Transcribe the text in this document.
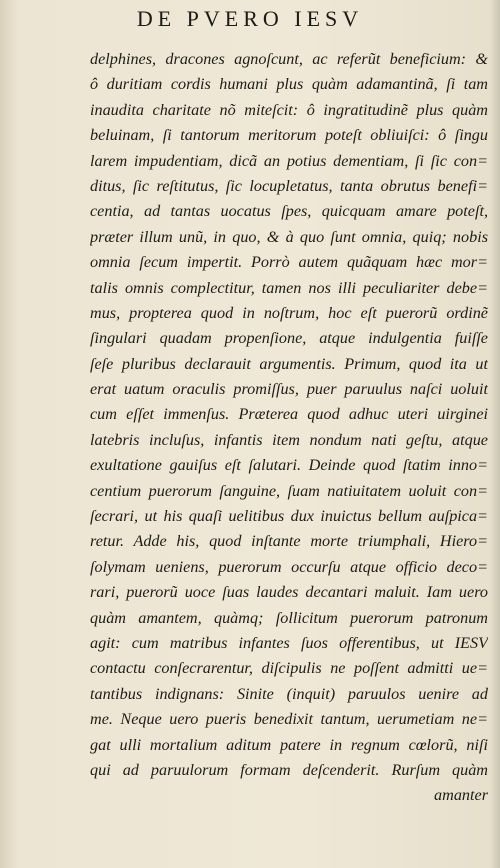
DE PVERO IESV
delphines, dracones agnoſcunt, ac referũt beneficium: &
ô duritiam cordis humani plus quàm adamantinã, ſi tam
inaudita charitate nõ miteſcit: ô ingratitudinẽ plus quàm
beluinam, ſi tantorum meritorum poteſt obliuiſci: ô ſingu
larem impudentiam, dicã an potius dementiam, ſi ſic con=
ditus, ſic reſtitutus, ſic locupletatus, tanta obrutus benefi=
centia, ad tantas uocatus ſpes, quicquam amare poteſt,
præter illum unũ, in quo, & à quo ſunt omnia, quiq; nobis
omnia ſecum impertit. Porrò autem quãquam hæc mor=
talis omnis complectitur, tamen nos illi peculiariter debe=
mus, propterea quod in noſtrum, hoc eſt puerorũ ordinẽ
ſingulari quadam propenſione, atque indulgentia fuiſſe
ſeſe pluribus declarauit argumentis. Primum, quod ita ut
erat uatum oraculis promiſſus, puer paruulus naſci uoluit
cum eſſet immenſus. Præterea quod adhuc uteri uirginei
latebris incluſus, infantis item nondum nati geſtu, atque
exultatione gauiſus eſt ſalutari. Deinde quod ſtatim inno=
centium puerorum ſanguine, ſuam natiuitatem uoluit con=
ſecrari, ut his quaſi uelitibus dux inuictus bellum auſpica=
retur. Adde his, quod inſtante morte triumphali, Hiero=
ſolymam ueniens, puerorum occurſu atque officio deco=
rari, puerorũ uoce ſuas laudes decantari maluit. Iam uero
quàm amantem, quàmq; ſollicitum puerorum patronum
agit: cum matribus infantes ſuos offerentibus, ut IESV
contactu conſecrarentur, diſcipulis ne poſſent admitti ue=
tantibus indignans: Sinite (inquit) paruulos uenire ad
me. Neque uero pueris benedixit tantum, uerumetiam ne=
gat ulli mortalium aditum patere in regnum cœlorũ, niſi
qui ad paruulorum formam deſcenderit. Rurſum quàm
amanter
